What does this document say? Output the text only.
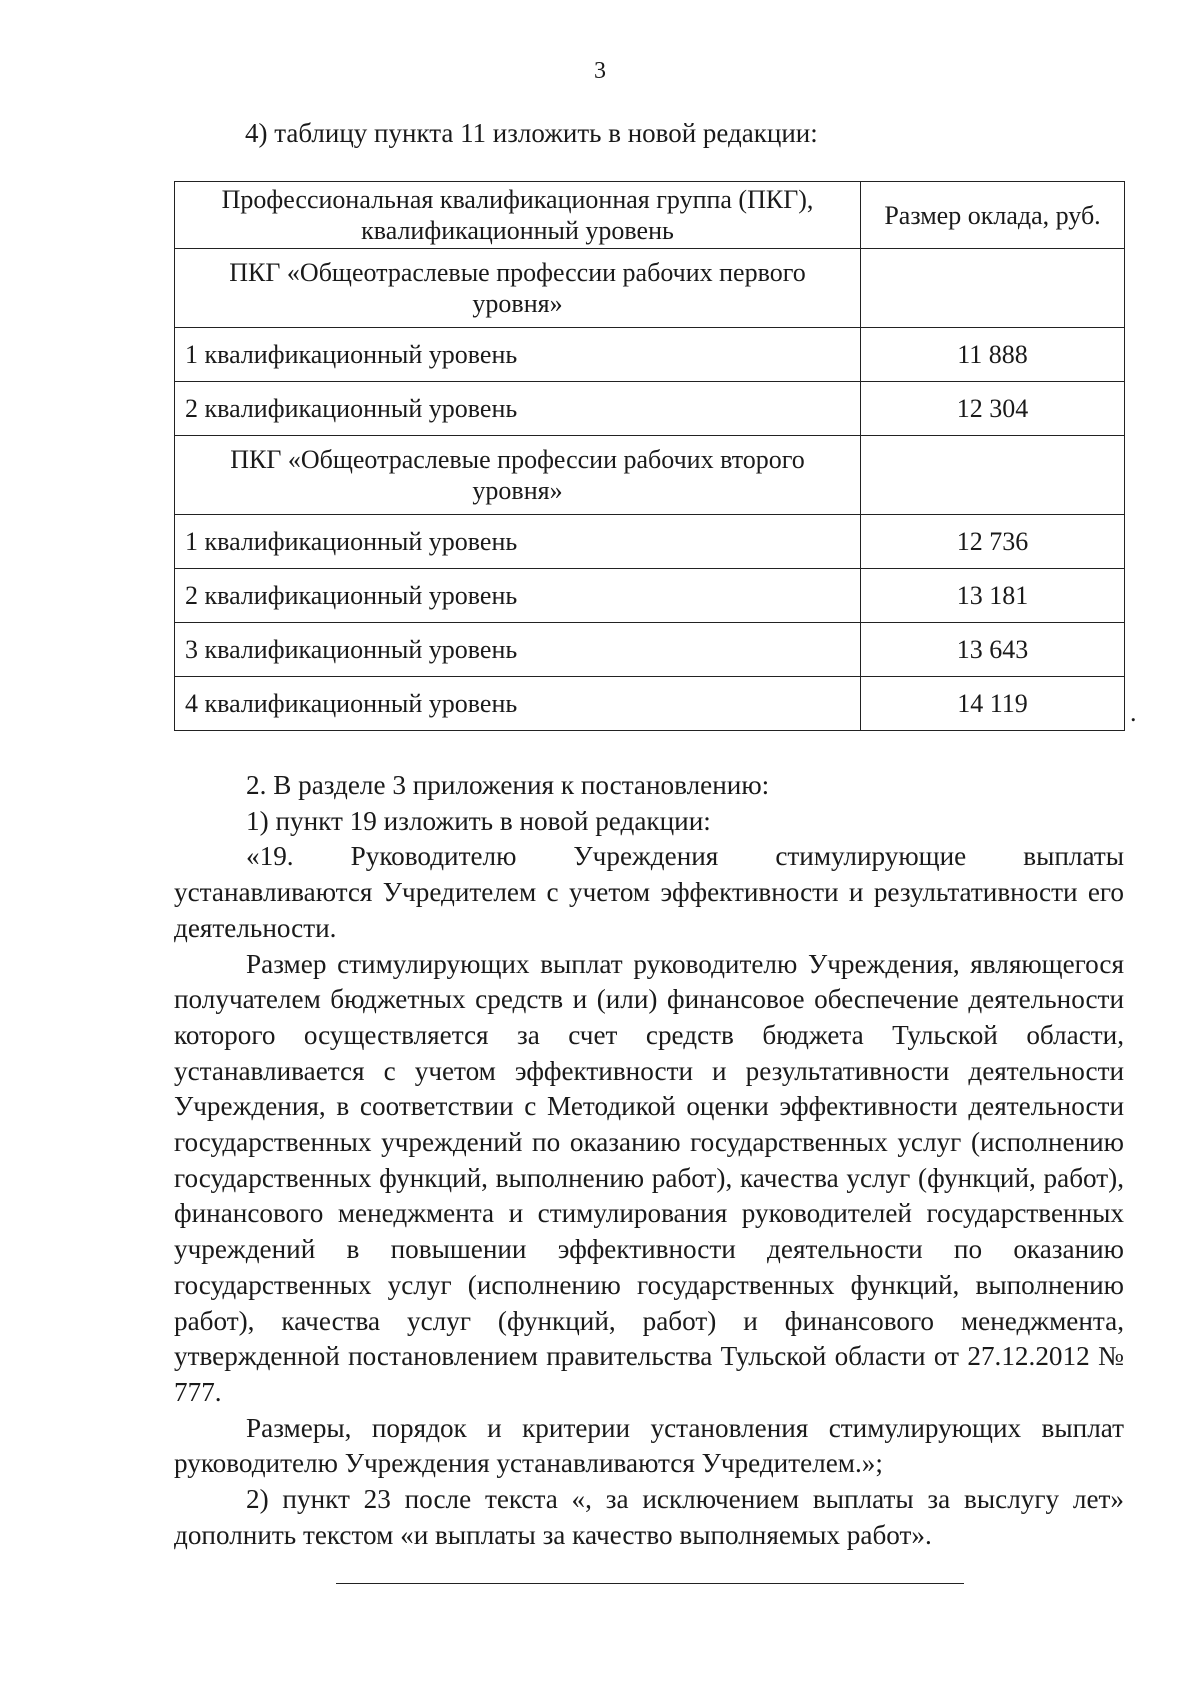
3
4) таблицу пункта 11 изложить в новой редакции:
Профессиональная квалификационная группа (ПКГ), квалификационный уровень	Размер оклада, руб.
ПКГ «Общеотраслевые профессии рабочих первого уровня»	
1 квалификационный уровень	11 888
2 квалификационный уровень	12 304
ПКГ «Общеотраслевые профессии рабочих второго уровня»	
1 квалификационный уровень	12 736
2 квалификационный уровень	13 181
3 квалификационный уровень	13 643
4 квалификационный уровень	14 119	.

2. В разделе 3 приложения к постановлению:

1) пункт 19 изложить в новой редакции:

«19. Руководителю Учреждения стимулирующие выплаты устанавливаются Учредителем с учетом эффективности и результативности его деятельности.

Размер стимулирующих выплат руководителю Учреждения, являющегося получателем бюджетных средств и (или) финансовое обеспечение деятельности которого осуществляется за счет средств бюджета Тульской области, устанавливается с учетом эффективности и результативности деятельности Учреждения, в соответствии с Методикой оценки эффективности деятельности государственных учреждений по оказанию государственных услуг (исполнению государственных функций, выполнению работ), качества услуг (функций, работ), финансового менеджмента и стимулирования руководителей государственных учреждений в повышении эффективности деятельности по оказанию государственных услуг (исполнению государственных функций, выполнению работ), качества услуг (функций, работ) и финансового менеджмента, утвержденной постановлением правительства Тульской области от 27.12.2012 № 777.

Размеры, порядок и критерии установления стимулирующих выплат руководителю Учреждения устанавливаются Учредителем.»;

2) пункт 23 после текста «, за исключением выплаты за выслугу лет» дополнить текстом «и выплаты за качество выполняемых работ».
